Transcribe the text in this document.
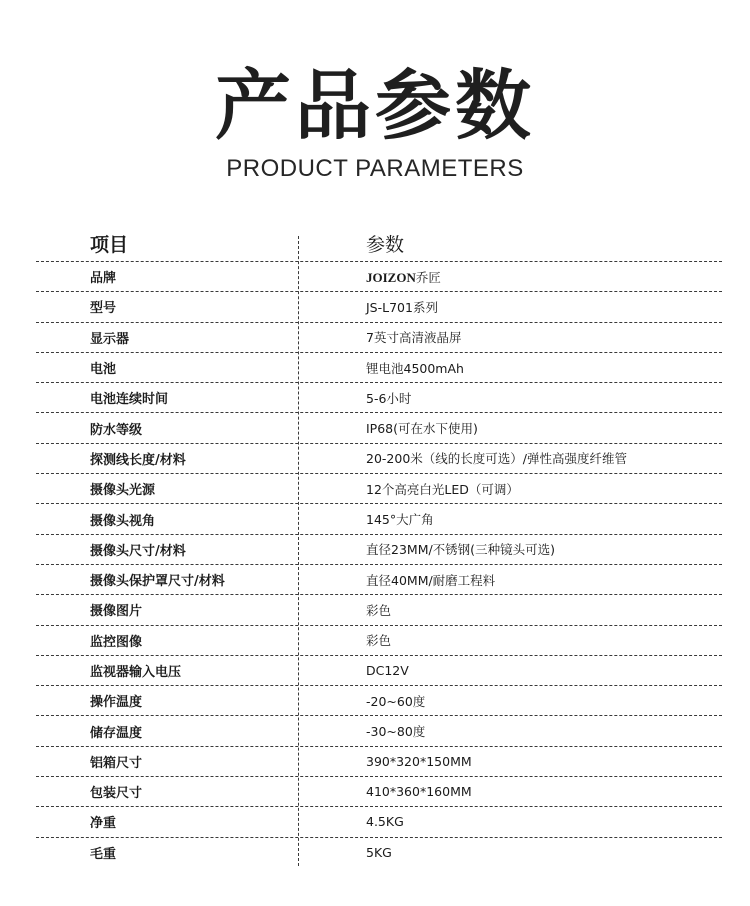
产品参数
PRODUCT PARAMETERS
项目	参数
品牌	JOIZON乔匠
型号	JS-L701系列
显示器	7英寸高清液晶屏
电池	锂电池4500mAh
电池连续时间	5-6小时
防水等级	IP68(可在水下使用)
探测线长度/材料	20-200米（线的长度可选）/弹性高强度纤维管
摄像头光源	12个高亮白光LED（可调）
摄像头视角	145°大广角
摄像头尺寸/材料	直径23MM/不锈钢(三种镜头可选)
摄像头保护罩尺寸/材料	直径40MM/耐磨工程料
摄像图片	彩色
监控图像	彩色
监视器输入电压	DC12V
操作温度	-20~60度
储存温度	-30~80度
铝箱尺寸	390*320*150MM
包装尺寸	410*360*160MM
净重	4.5KG
毛重	5KG
